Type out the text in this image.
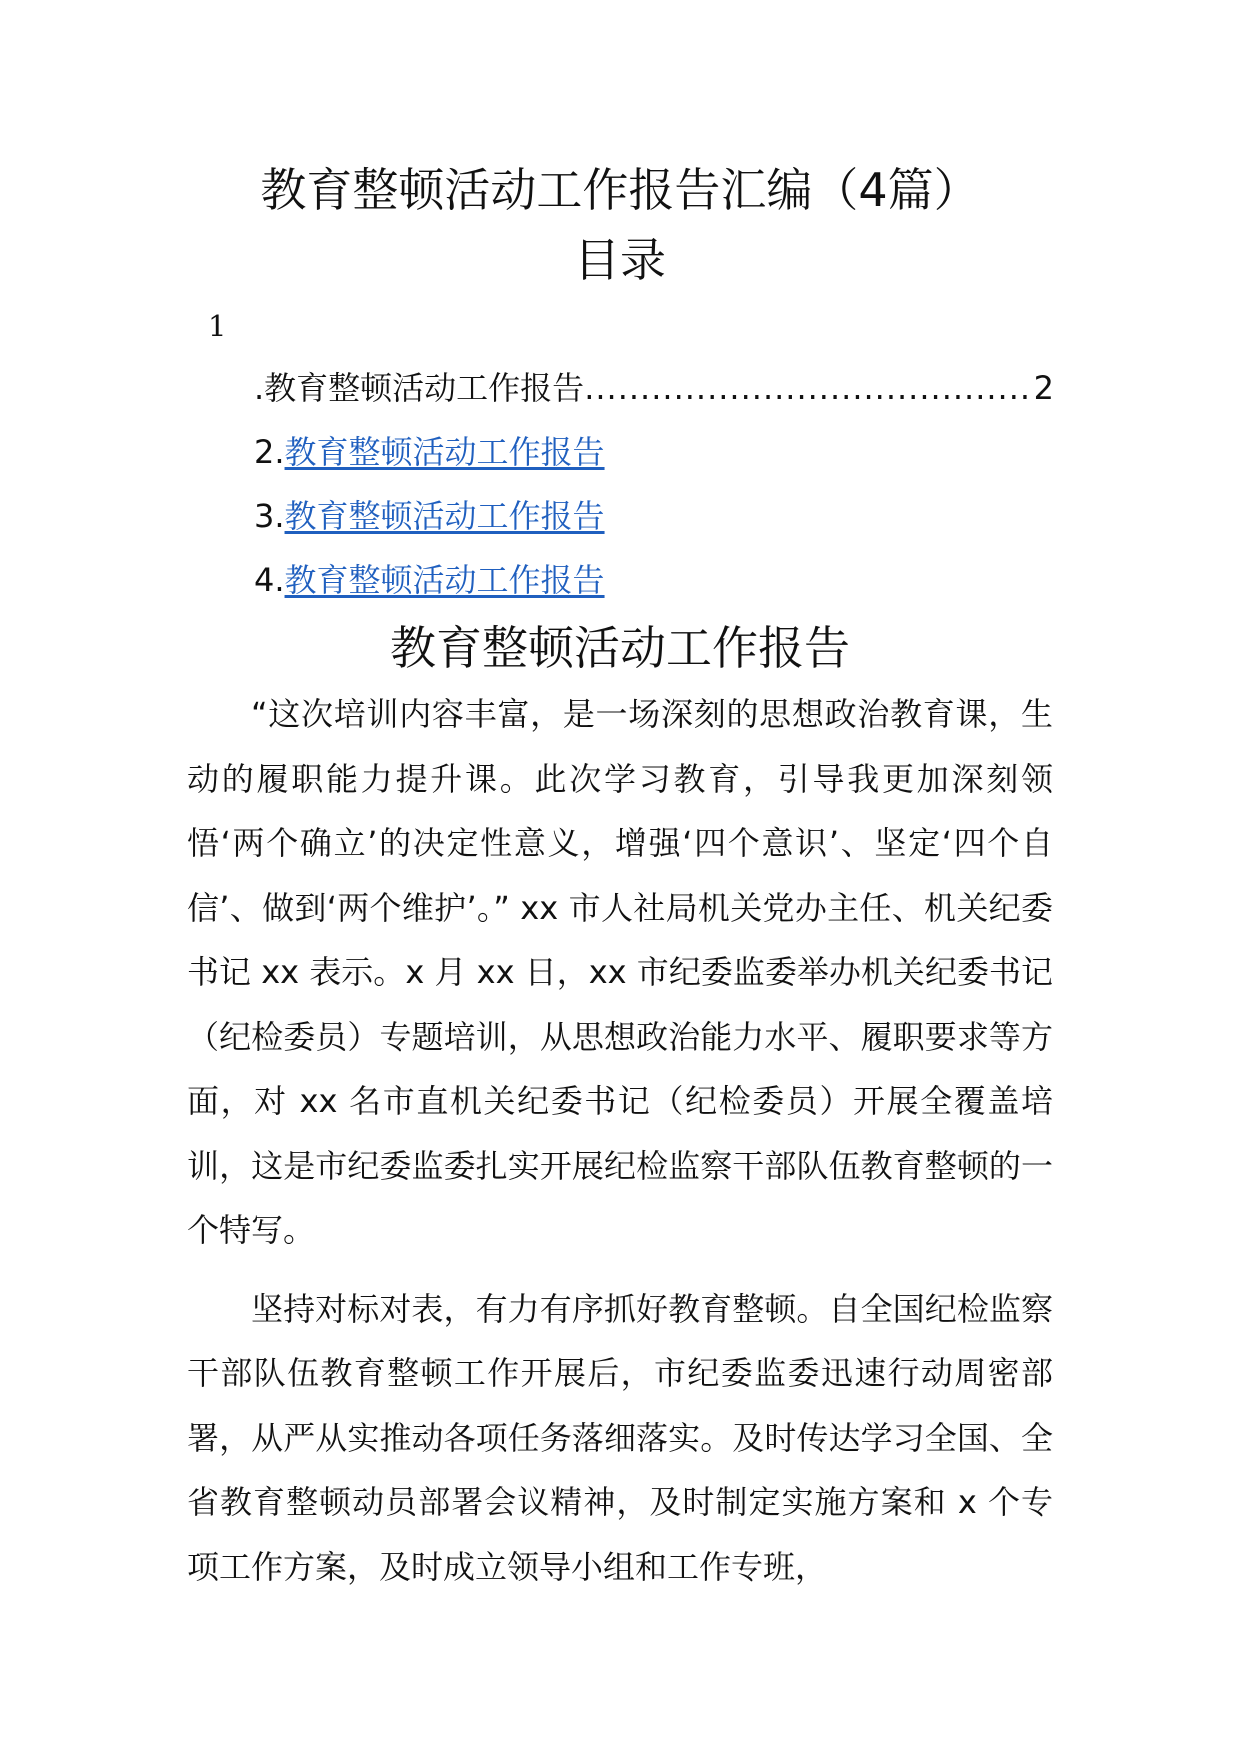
教育整顿活动工作报告汇编（4篇）
目录
1
.教育整顿活动工作报告 ........................................ 2
2.教育整顿活动工作报告
3.教育整顿活动工作报告
4.教育整顿活动工作报告
教育整顿活动工作报告

“这次培训内容丰富，是一场深刻的思想政治教育课，生动的履职能力提升课。此次学习教育，引导我更加深刻领悟‘两个确立’的决定性意义，增强‘四个意识’、坚定‘四个自信’、做到‘两个维护’。” xx 市人社局机关党办主任、机关纪委书记 xx 表示。x 月 xx 日，xx 市纪委监委举办机关纪委书记（纪检委员）专题培训，从思想政治能力水平、履职要求等方面，对 xx 名市直机关纪委书记（纪检委员）开展全覆盖培训，这是市纪委监委扎实开展纪检监察干部队伍教育整顿的一个特写。

坚持对标对表，有力有序抓好教育整顿。自全国纪检监察干部队伍教育整顿工作开展后，市纪委监委迅速行动周密部署，从严从实推动各项任务落细落实。及时传达学习全国、全省教育整顿动员部署会议精神，及时制定实施方案和 x 个专项工作方案，及时成立领导小组和工作专班，
